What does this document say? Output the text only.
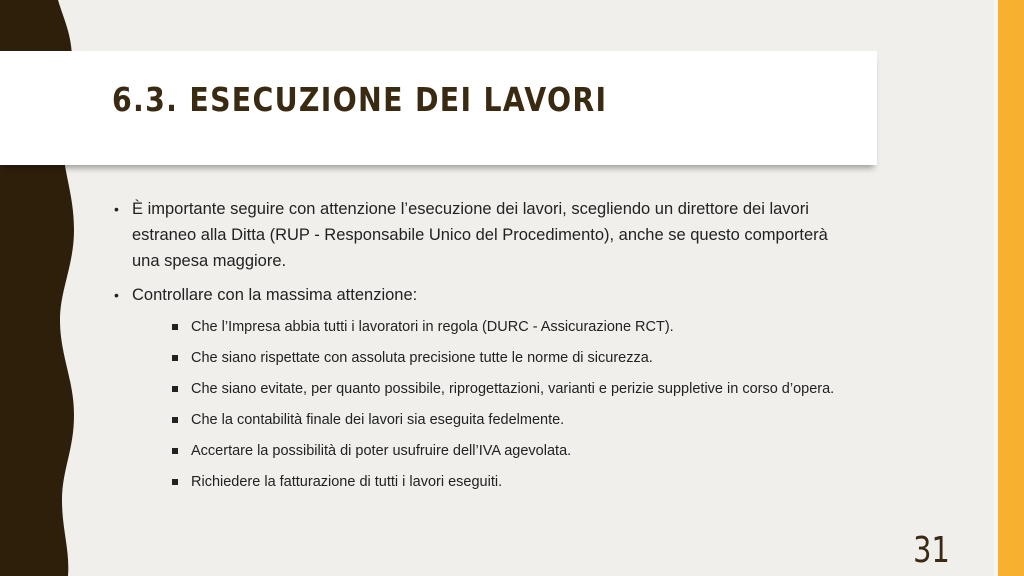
6.3. ESECUZIONE DEI LAVORI
• È importante seguire con attenzione l’esecuzione dei lavori, scegliendo un direttore dei lavori estraneo alla Ditta (RUP - Responsabile Unico del Procedimento), anche se questo comporterà una spesa maggiore.
• Controllare con la massima attenzione:
Che l’Impresa abbia tutti i lavoratori in regola (DURC - Assicurazione RCT).
Che siano rispettate con assoluta precisione tutte le norme di sicurezza.
Che siano evitate, per quanto possibile, riprogettazioni, varianti e perizie suppletive in corso d’opera.
Che la contabilità finale dei lavori sia eseguita fedelmente.
Accertare la possibilità di poter usufruire dell’IVA agevolata.
Richiedere la fatturazione di tutti i lavori eseguiti.
31
